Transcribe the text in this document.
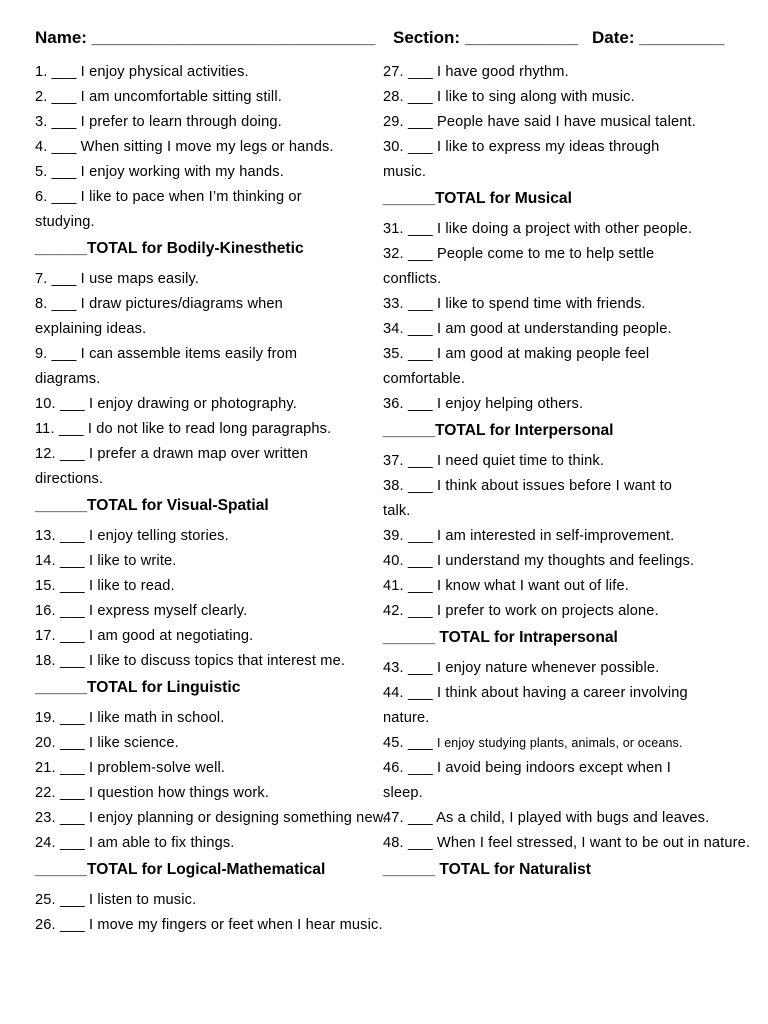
Name: ______________________________ Section: ____________ Date: _________
1. ___ I enjoy physical activities.
2. ___ I am uncomfortable sitting still.
3. ___ I prefer to learn through doing.
4. ___ When sitting I move my legs or hands.
5. ___ I enjoy working with my hands.
6. ___ I like to pace when I’m thinking or studying.
______TOTAL for Bodily-Kinesthetic
7. ___ I use maps easily.
8. ___ I draw pictures/diagrams when explaining ideas.
9. ___ I can assemble items easily from diagrams.
10. ___ I enjoy drawing or photography.
11. ___ I do not like to read long paragraphs.
12. ___ I prefer a drawn map over written directions.
______TOTAL for Visual-Spatial
13. ___ I enjoy telling stories.
14. ___ I like to write.
15. ___ I like to read.
16. ___ I express myself clearly.
17. ___ I am good at negotiating.
18. ___ I like to discuss topics that interest me.
______TOTAL for Linguistic
19. ___ I like math in school.
20. ___ I like science.
21. ___ I problem-solve well.
22. ___ I question how things work.
23. ___ I enjoy planning or designing something new.
24. ___ I am able to fix things.
______TOTAL for Logical-Mathematical
25. ___ I listen to music.
26. ___ I move my fingers or feet when I hear music.
27. ___ I have good rhythm.
28. ___ I like to sing along with music.
29. ___ People have said I have musical talent.
30. ___ I like to express my ideas through music.
______TOTAL for Musical
31. ___ I like doing a project with other people.
32. ___ People come to me to help settle conflicts.
33. ___ I like to spend time with friends.
34. ___ I am good at understanding people.
35. ___ I am good at making people feel comfortable.
36. ___ I enjoy helping others.
______TOTAL for Interpersonal
37. ___ I need quiet time to think.
38. ___ I think about issues before I want to talk.
39. ___ I am interested in self-improvement.
40. ___ I understand my thoughts and feelings.
41. ___ I know what I want out of life.
42. ___ I prefer to work on projects alone.
______ TOTAL for Intrapersonal
43. ___ I enjoy nature whenever possible.
44. ___ I think about having a career involving nature.
45. ___ I enjoy studying plants, animals, or oceans.
46. ___ I avoid being indoors except when I sleep.
47. ___ As a child, I played with bugs and leaves.
48. ___ When I feel stressed, I want to be out in nature.
______ TOTAL for Naturalist
